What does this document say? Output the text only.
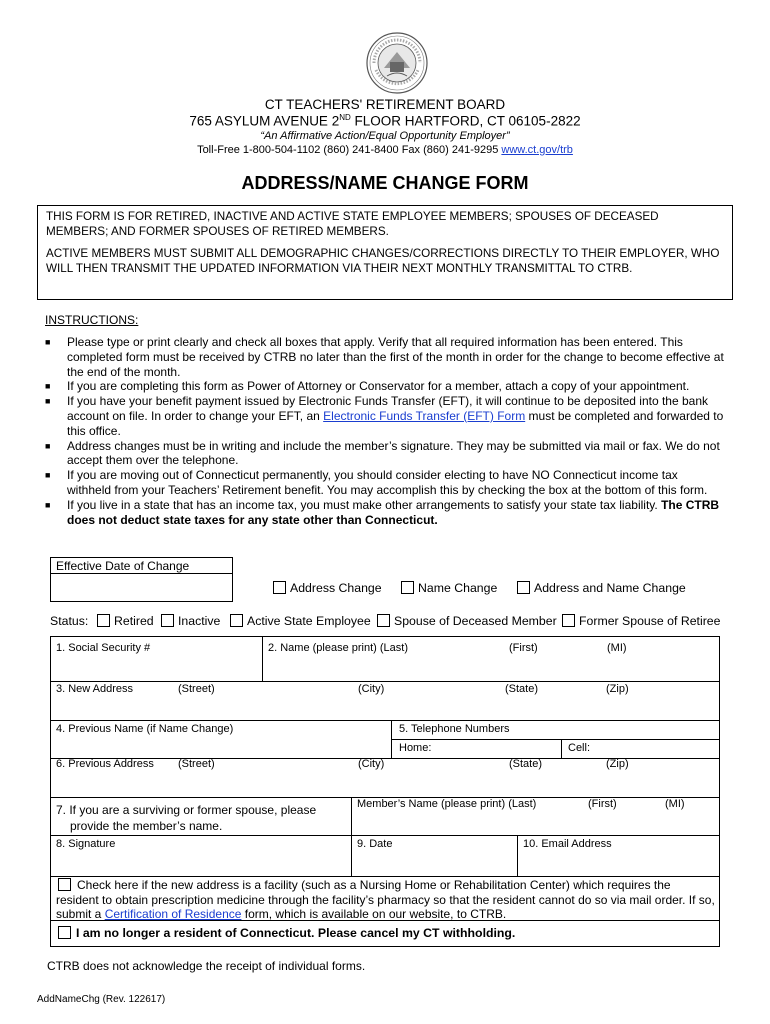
CT TEACHERS' RETIREMENT BOARD
765 ASYLUM AVENUE 2ND FLOOR HARTFORD, CT 06105-2822
“An Affirmative Action/Equal Opportunity Employer”
Toll-Free 1-800-504-1102 (860) 241-8400 Fax (860) 241-9295 www.ct.gov/trb
ADDRESS/NAME CHANGE FORM

THIS FORM IS FOR RETIRED, INACTIVE AND ACTIVE STATE EMPLOYEE MEMBERS; SPOUSES OF DECEASED MEMBERS; AND FORMER SPOUSES OF RETIRED MEMBERS.

ACTIVE MEMBERS MUST SUBMIT ALL DEMOGRAPHIC CHANGES/CORRECTIONS DIRECTLY TO THEIR EMPLOYER, WHO WILL THEN TRANSMIT THE UPDATED INFORMATION VIA THEIR NEXT MONTHLY TRANSMITTAL TO CTRB.

INSTRUCTIONS:
■ Please type or print clearly and check all boxes that apply. Verify that all required information has been entered. This completed form must be received by CTRB no later than the first of the month in order for the change to become effective at the end of the month.
■ If you are completing this form as Power of Attorney or Conservator for a member, attach a copy of your appointment.
■ If you have your benefit payment issued by Electronic Funds Transfer (EFT), it will continue to be deposited into the bank account on file. In order to change your EFT, an Electronic Funds Transfer (EFT) Form must be completed and forwarded to this office.
■ Address changes must be in writing and include the member’s signature. They may be submitted via mail or fax. We do not accept them over the telephone.
■ If you are moving out of Connecticut permanently, you should consider electing to have NO Connecticut income tax withheld from your Teachers’ Retirement benefit. You may accomplish this by checking the box at the bottom of this form.
■ If you live in a state that has an income tax, you must make other arrangements to satisfy your state tax liability. The CTRB does not deduct state taxes for any state other than Connecticut.
Effective Date of Change
Address Change	Name Change	Address and Name Change
Status:	Retired	Inactive	Active State Employee	Spouse of Deceased Member	Former Spouse of Retiree
1. Social Security #	2. Name (please print) (Last)	(First)	(MI)
3. New Address	(Street)	(City)	(State)	(Zip)
4. Previous Name (if Name Change)	5. Telephone Numbers
Home:	Cell:
6. Previous Address (Street)	(City)	(State)	(Zip)
7. If you are a surviving or former spouse, please
provide the member’s name.
Member’s Name (please print) (Last)	(First)	(MI)
8. Signature	9. Date	10. Email Address
Check here if the new address is a facility (such as a Nursing Home or Rehabilitation Center) which requires the resident to obtain prescription medicine through the facility’s pharmacy so that the resident cannot do so via mail order. If so, submit a Certification of Residence form, which is available on our website, to CTRB.
I am no longer a resident of Connecticut. Please cancel my CT withholding.
CTRB does not acknowledge the receipt of individual forms.
AddNameChg (Rev. 122617)
